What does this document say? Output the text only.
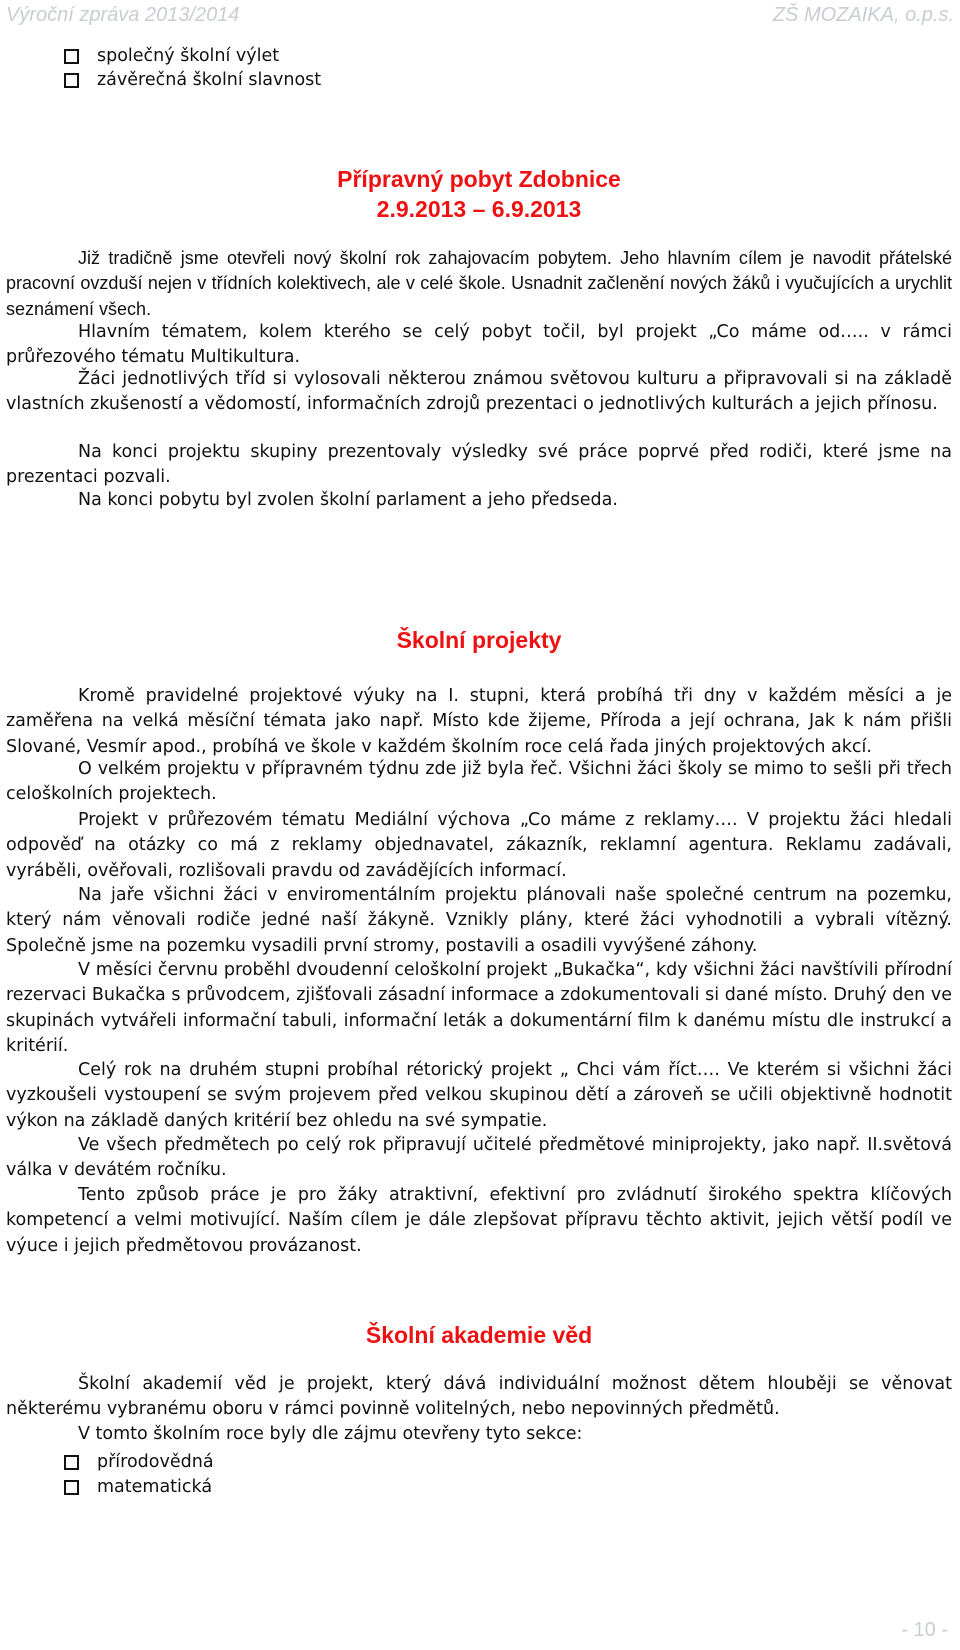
Výroční zpráva 2013/2014	ZŠ MOZAIKA, o.p.s.
společný školní výlet
závěrečná školní slavnost
Přípravný pobyt Zdobnice
2.9.2013 – 6.9.2013
Již tradičně jsme otevřeli nový školní rok zahajovacím pobytem. Jeho hlavním cílem je navodit přátelské pracovní ovzduší nejen v třídních kolektivech, ale v celé škole. Usnadnit začlenění nových žáků i vyučujících a urychlit seznámení všech.
Hlavním tématem, kolem kterého se celý pobyt točil, byl projekt „Co máme od….. v rámci průřezového tématu Multikultura.
Žáci jednotlivých tříd si vylosovali některou známou světovou kulturu a připravovali si na základě vlastních zkušeností a vědomostí, informačních zdrojů prezentaci o jednotlivých kulturách a jejich přínosu.
Na konci projektu skupiny prezentovaly výsledky své práce poprvé před rodiči, které jsme na prezentaci pozvali.
Na konci pobytu byl zvolen školní parlament a jeho předseda.
Školní projekty
Kromě pravidelné projektové výuky na I. stupni, která probíhá tři dny v každém měsíci a je zaměřena na velká měsíční témata jako např. Místo kde žijeme, Příroda a její ochrana, Jak k nám přišli Slované, Vesmír apod., probíhá ve škole v každém školním roce celá řada jiných projektových akcí.
O velkém projektu v přípravném týdnu zde již byla řeč. Všichni žáci školy se mimo to sešli při třech celoškolních projektech.
Projekt v průřezovém tématu Mediální výchova „Co máme z reklamy…. V projektu žáci hledali odpověď na otázky co má z reklamy objednavatel, zákazník, reklamní agentura. Reklamu zadávali, vyráběli, ověřovali, rozlišovali pravdu od zavádějících informací.
Na jaře všichni žáci v enviromentálním projektu plánovali naše společné centrum na pozemku, který nám věnovali rodiče jedné naší žákyně. Vznikly plány, které žáci vyhodnotili a vybrali vítězný. Společně jsme na pozemku vysadili první stromy, postavili a osadili vyvýšené záhony.
V měsíci červnu proběhl dvoudenní celoškolní projekt „Bukačka“, kdy všichni žáci navštívili přírodní rezervaci Bukačka s průvodcem, zjišťovali zásadní informace a zdokumentovali si dané místo. Druhý den ve skupinách vytvářeli informační tabuli, informační leták a dokumentární film k danému místu dle instrukcí a kritérií.
Celý rok na druhém stupni probíhal rétorický projekt „ Chci vám říct…. Ve kterém si všichni žáci vyzkoušeli vystoupení se svým projevem před velkou skupinou dětí a zároveň se učili objektivně hodnotit výkon na základě daných kritérií bez ohledu na své sympatie.
Ve všech předmětech po celý rok připravují učitelé předmětové miniprojekty, jako např. II.světová válka v devátém ročníku.
Tento způsob práce je pro žáky atraktivní, efektivní pro zvládnutí širokého spektra klíčových kompetencí a velmi motivující. Naším cílem je dále zlepšovat přípravu těchto aktivit, jejich větší podíl ve výuce i jejich předmětovou provázanost.
Školní akademie věd
Školní akademií věd je projekt, který dává individuální možnost dětem hlouběji se věnovat některému vybranému oboru v rámci povinně volitelných, nebo nepovinných předmětů.
V tomto školním roce byly dle zájmu otevřeny tyto sekce:
přírodovědná
matematická
- 10 -
